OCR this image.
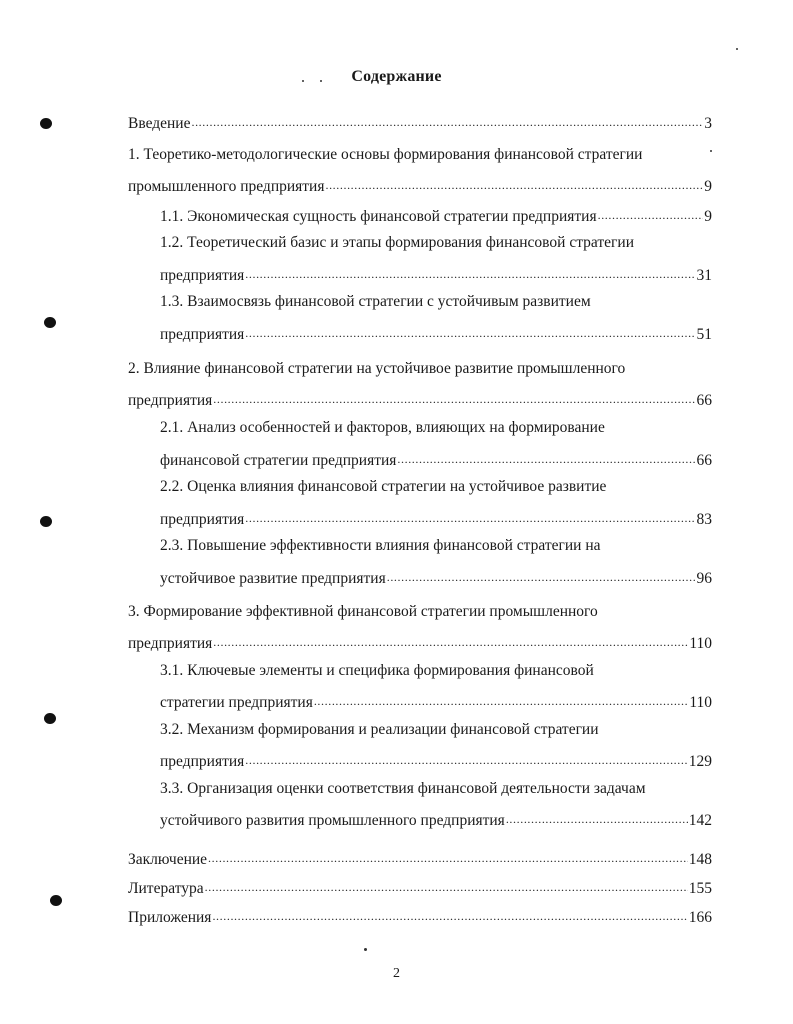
Содержание
Введение .....	3
1. Теоретико-методологические основы формирования финансовой стратегии
промышленного предприятия .....	9
1.1. Экономическая сущность финансовой стратегии предприятия .....	9
1.2. Теоретический базис и этапы формирования финансовой стратегии
предприятия .....	31
1.3. Взаимосвязь финансовой стратегии с устойчивым развитием
предприятия .....	51
2. Влияние финансовой стратегии на устойчивое развитие промышленного
предприятия .....	66
2.1. Анализ особенностей и факторов, влияющих на формирование
финансовой стратегии предприятия .....	66
2.2. Оценка влияния финансовой стратегии на устойчивое развитие
предприятия .....	83
2.3. Повышение эффективности влияния финансовой стратегии на
устойчивое развитие предприятия .....	96
3. Формирование эффективной финансовой стратегии промышленного
предприятия .....	110
3.1. Ключевые элементы и специфика формирования финансовой
стратегии предприятия .....	110
3.2. Механизм формирования и реализации финансовой стратегии
предприятия .....	129
3.3. Организация оценки соответствия финансовой деятельности задачам
устойчивого развития промышленного предприятия .....	142
Заключение .....	148
Литература .....	155
Приложения .....	166
2
